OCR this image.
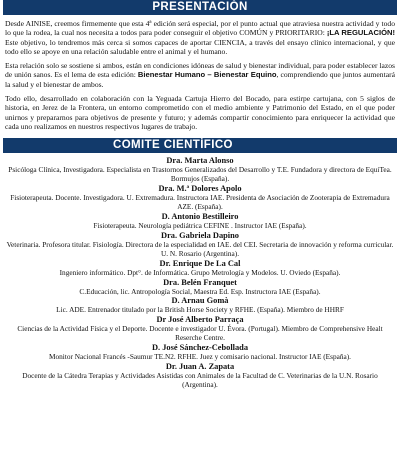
PRESENTACIÓN

Desde AINISE, creemos firmemente que esta 4ª edición será especial, por el punto actual que atraviesa nuestra actividad y todo lo que la rodea, la cual nos necesita a todos para poder conseguir el objetivo COMÚN y PRIORITARIO: ¡LA REGULACIÓN! Este objetivo, lo tendremos más cerca si somos capaces de aportar CIENCIA, a través del ensayo clínico internacional, y que todo ello se apoye en una relación saludable entre el animal y el humano.

Esta relación solo se sostiene si ambos, están en condiciones idóneas de salud y bienestar individual, para poder establecer lazos de unión sanos. Es el lema de esta edición: Bienestar Humano – Bienestar Equino, comprendiendo que juntos aumentará la salud y el bienestar de ambos.

Todo ello, desarrollado en colaboración con la Yeguada Cartuja Hierro del Bocado, para estirpe cartujana, con 5 siglos de historia, en Jerez de la Frontera, un entorno comprometido con el medio ambiente y Patrimonio del Estado, en el que poder unirnos y prepararnos para objetivos de presente y futuro; y además compartir conocimiento para enriquecer la actividad que cada uno realizamos en nuestros respectivos lugares de trabajo.

COMITE CIENTÍFICO
Dra. Marta Alonso
Psicóloga Clínica, Investigadora. Especialista en Trastornos Generalizados del Desarrollo y T.E. Fundadora y directora de EquiTea. Bormujos (España).
Dra. M.ª Dolores Apolo
Fisioterapeuta. Docente. Investigadora. U. Extremadura. Instructora IAE. Presidenta de Asociación de Zooterapia de Extremadura AZE. (España).
D. Antonio Bestilleiro
Fisioterapeuta. Neurología pediátrica CEFINE . Instructor IAE (España).
Dra. Gabriela Dapino
Veterinaria. Profesora titular. Fisiología. Directora de la especialidad en IAE. del CEI. Secretaria de innovación y reforma curricular. U. N. Rosario (Argentina).
Dr. Enrique De La Cal
Ingeniero informático. Dpt°. de Informática. Grupo Metrología y Modelos. U. Oviedo (España).
Dra. Belén Franquet
C.Educación, lic. Antropología Social, Maestra Ed. Esp. Instructora IAE (España).
D. Arnau Gomà
Lic. ADE. Entrenador titulado por la British Horse Society y RFHE. (España). Miembro de HHRF
Dr José Alberto Parraça
Ciencias de la Actividad Física y el Deporte. Docente e investigador U. Évora. (Portugal). Miembro de Comprehensive Healt Reserche Centre.
D. José Sánchez-Cebollada
Monitor Nacional Francés -Saumur TE.N2. RFHE. Juez y comisario nacional. Instructor IAE (España).
Dr. Juan A. Zapata
Docente de la Cátedra Terapias y Actividades Asistidas con Animales de la Facultad de C. Veterinarias de la U.N. Rosario (Argentina).
